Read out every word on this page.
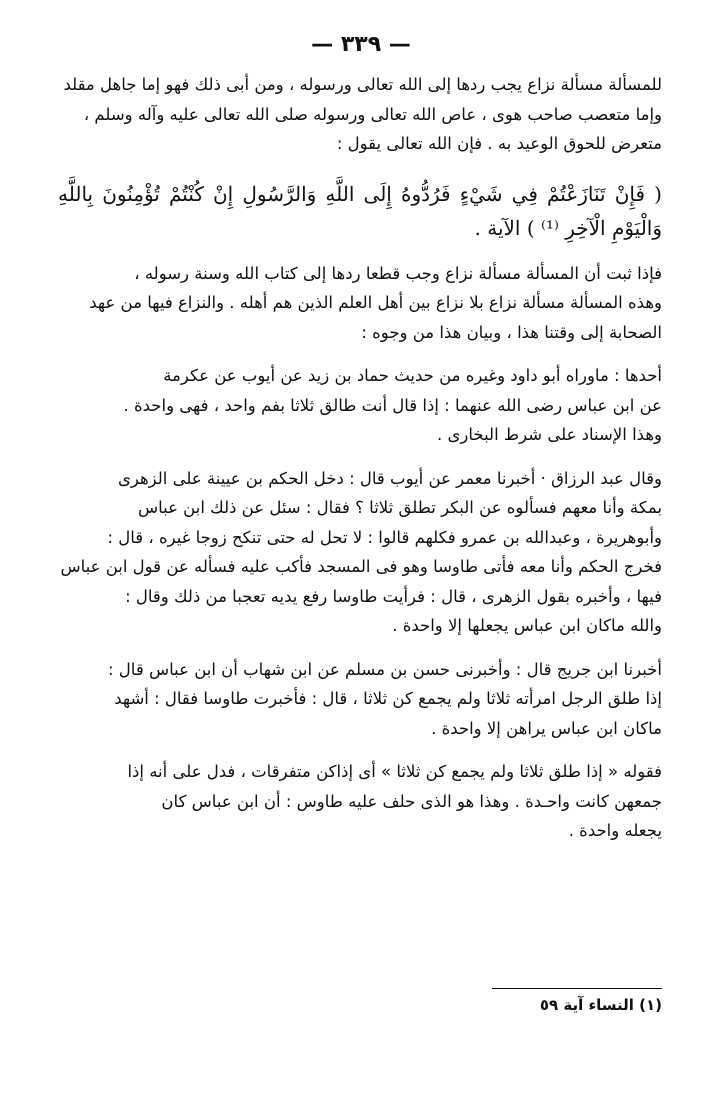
— ٣٣٩ —

للمسألة مسألة نزاع يجب ردها إلى الله تعالى ورسوله ، ومن أبى ذلك فهو إما جاهل مقلد

وإما متعصب صاحب هوى ، عاص الله تعالى ورسوله صلى الله تعالى عليه وآله وسلم ،

متعرض للحوق الوعيد به . فإن الله تعالى يقول :

( فَإِنْ تَنَازَعْتُمْ فِي شَيْءٍ فَرُدُّوهُ إِلَى اللَّهِ وَالرَّسُولِ إِنْ كُنْتُمْ تُؤْمِنُونَ بِاللَّهِ وَالْيَوْمِ الْآخِرِ ⁽¹⁾ ) الآية .

فإذا ثبت أن المسألة مسألة نزاع وجب قطعا ردها إلى كتاب الله وسنة رسوله ،

وهذه المسألة مسألة نزاع بلا نزاع بين أهل العلم الذين هم أهله . والنزاع فيها من عهد

الصحابة إلى وقتنا هذا ، وبيان هذا من وجوه :

أحدها : ماوراه أبو داود وغيره من حديث حماد بن زيد عن أيوب عن عكرمة

عن ابن عباس رضى الله عنهما : إذا قال أنت طالق ثلاثا بفم واحد ، فهى واحدة .

وهذا الإسناد على شرط البخارى .

وقال عبد الرزاق · أخبرنا معمر عن أيوب قال : دخل الحكم بن عيينة على الزهرى

بمكة وأنا معهم فسألوه عن البكر تطلق ثلاثا ؟ فقال : سئل عن ذلك ابن عباس

وأبوهريرة ، وعبدالله بن عمرو فكلهم قالوا : لا تحل له حتى تنكح زوجا غيره ، قال :

فخرج الحكم وأنا معه فأتى طاوسا وهو فى المسجد فأكب عليه فسأله عن قول ابن عباس

فيها ، وأخبره بقول الزهرى ، قال : فرأيت طاوسا رفع يديه تعجبا من ذلك وقال :

والله ماكان ابن عباس يجعلها إلا واحدة .

أخبرنا ابن جريج قال : وأخبرنى حسن بن مسلم عن ابن شهاب أن ابن عباس قال :

إذا طلق الرجل امرأته ثلاثا ولم يجمع كن ثلاثا ، قال : فأخبرت طاوسا فقال : أشهد

ماكان ابن عباس يراهن إلا واحدة .

فقوله « إذا طلق ثلاثا ولم يجمع كن ثلاثا » أى إذاكن متفرقات ، فدل على أنه إذا

جمعهن كانت واحـدة . وهذا هو الذى حلف عليه طاوس : أن ابن عباس كان

يجعله واحدة .

(١) النساء آية ٥٩
